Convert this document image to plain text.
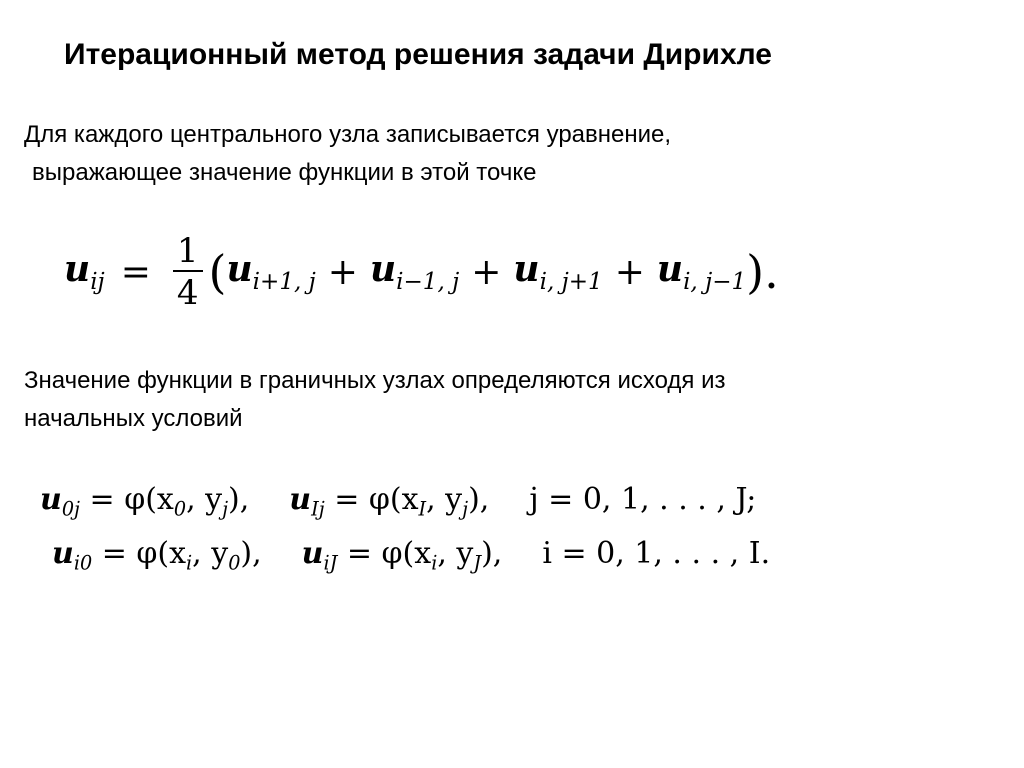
Итерационный метод решения задачи Дирихле
Для каждого центрального узла записывается уравнение,
выражающее значение функции в этой точке
$u_{ij} = \frac{1}{4}$ ( $u_{i+1, j} + u_{i-1, j} + u_{i, j+1} + u_{i, j-1}$ ).
Значение функции в граничных узлах определяются исходя из
начальных условий
$u_{0j} = \varphi(x_0$, $y_j$), $u_{Ij} = \varphi(x_I$, $y_j$), j = 0, 1, . . . , J;
$u_{i0} = \varphi(x_i$, $y_0$), $u_{iJ} = \varphi(x_i$, $y_J$), i = 0, 1, . . . , I.
